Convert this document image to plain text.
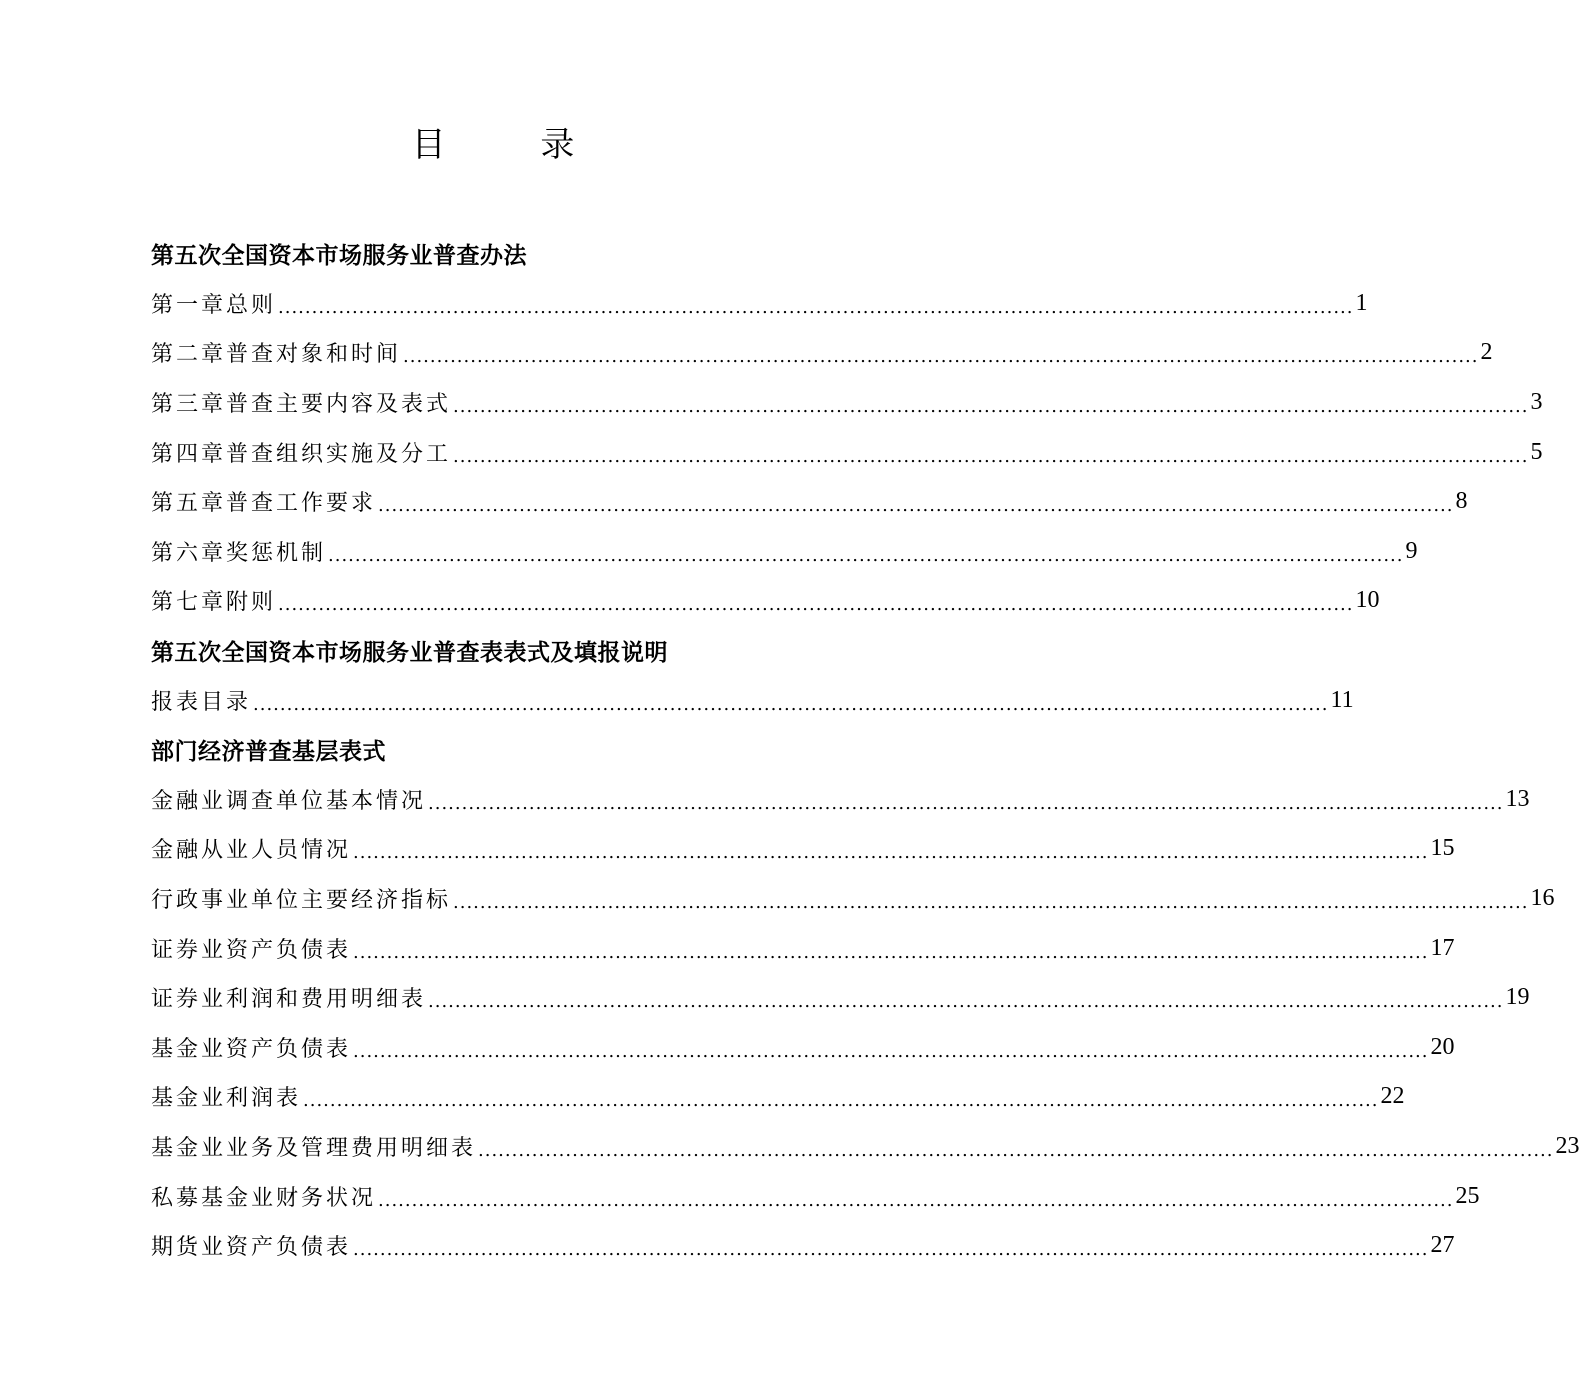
目 录
第五次全国资本市场服务业普查办法
第一章总则 ................................................................................................................................................................ 1
第二章普查对象和时间 ................................................................................................................................................................ 2
第三章普查主要内容及表式 ................................................................................................................................................................ 3
第四章普查组织实施及分工 ................................................................................................................................................................ 5
第五章普查工作要求 ................................................................................................................................................................ 8
第六章奖惩机制 ................................................................................................................................................................ 9
第七章附则 ................................................................................................................................................................ 10
第五次全国资本市场服务业普查表表式及填报说明
报表目录 ................................................................................................................................................................ 11
部门经济普查基层表式
金融业调查单位基本情况 ................................................................................................................................................................ 13
金融从业人员情况 ................................................................................................................................................................ 15
行政事业单位主要经济指标 ................................................................................................................................................................ 16
证券业资产负债表 ................................................................................................................................................................ 17
证券业利润和费用明细表 ................................................................................................................................................................ 19
基金业资产负债表 ................................................................................................................................................................ 20
基金业利润表 ................................................................................................................................................................ 22
基金业业务及管理费用明细表 ................................................................................................................................................................ 23
私募基金业财务状况 ................................................................................................................................................................ 25
期货业资产负债表 ................................................................................................................................................................ 27
